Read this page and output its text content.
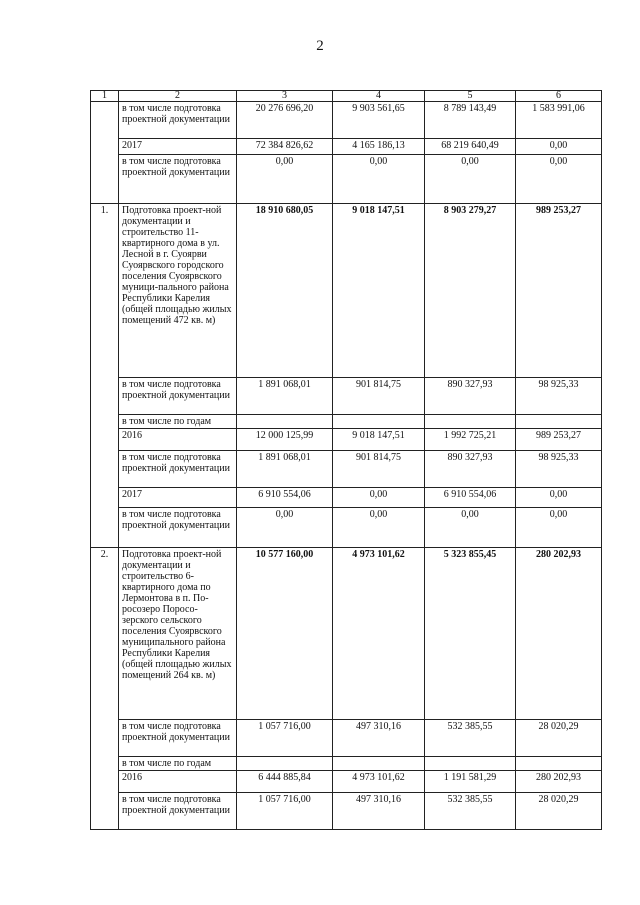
2
1	2	3	4	5	6
	в том числе подготовка проектной документации	20 276 696,20	9 903 561,65	8 789 143,49	1 583 991,06
	2017	72 384 826,62	4 165 186,13	68 219 640,49	0,00
	в том числе подготовка проектной документации	0,00	0,00	0,00	0,00
1.	Подготовка проект-ной документации и строительство 11-квартирного дома в ул. Лесной в г. Суоярви Суоярвского городского поселения Суоярвского муници-пального района Республики Карелия (общей площадью жилых помещений 472 кв. м)	18 910 680,05	9 018 147,51	8 903 279,27	989 253,27
	в том числе подготовка проектной документации	1 891 068,01	901 814,75	890 327,93	98 925,33
	в том числе по годам				
	2016	12 000 125,99	9 018 147,51	1 992 725,21	989 253,27
	в том числе подготовка проектной документации	1 891 068,01	901 814,75	890 327,93	98 925,33
	2017	6 910 554,06	0,00	6 910 554,06	0,00
	в том числе подготовка проектной документации	0,00	0,00	0,00	0,00
2.	Подготовка проект-ной документации и строительство 6-квартирного дома по Лермонтова в п. По-росозеро Поросо-зерского сельского поселения Суоярвского муниципального района Республики Карелия (общей площадью жилых помещений 264 кв. м)	10 577 160,00	4 973 101,62	5 323 855,45	280 202,93
	в том числе подготовка проектной документации	1 057 716,00	497 310,16	532 385,55	28 020,29
	в том числе по годам				
	2016	6 444 885,84	4 973 101,62	1 191 581,29	280 202,93
	в том числе подготовка проектной документации	1 057 716,00	497 310,16	532 385,55	28 020,29
